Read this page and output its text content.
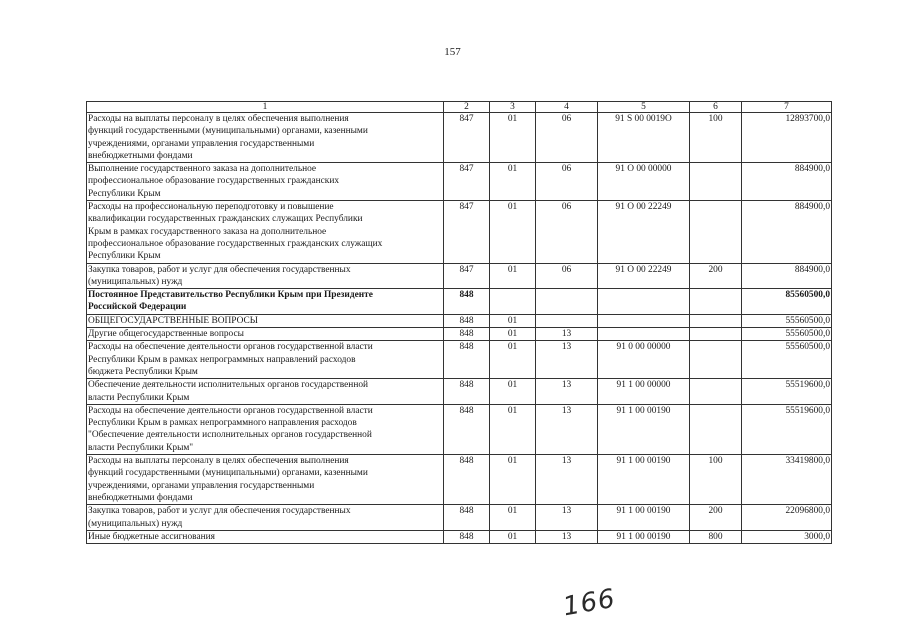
157
1	2	3	4	5	6	7

Расходы на выплаты персоналу в целях обеспечения выполнения
функций государственными (муниципальными) органами, казенными
учреждениями, органами управления государственными
внебюджетными фондами	847	01	06	91 S 00 0019O	100	12893700,0

Выполнение государственного заказа на дополнительное
профессиональное образование государственных гражданских
Республики Крым	847	01	06	91 О 00 00000		884900,0

Расходы на профессиональную переподготовку и повышение
квалификации государственных гражданских служащих Республики
Крым в рамках государственного заказа на дополнительное
профессиональное образование государственных гражданских служащих
Республики Крым	847	01	06	91 О 00 22249		884900,0

Закупка товаров, работ и услуг для обеспечения государственных
(муниципальных) нужд	847	01	06	91 О 00 22249	200	884900,0

Постоянное Представительство Республики Крым при Президенте
Российской Федерации	848					85560500,0

ОБЩЕГОСУДАРСТВЕННЫЕ ВОПРОСЫ	848	01				55560500,0

Другие общегосударственные вопросы	848	01	13			55560500,0

Расходы на обеспечение деятельности органов государственной власти
Республики Крым в рамках непрограммных направлений расходов
бюджета Республики Крым	848	01	13	91 0 00 00000		55560500,0

Обеспечение деятельности исполнительных органов государственной
власти Республики Крым	848	01	13	91 1 00 00000		55519600,0

Расходы на обеспечение деятельности органов государственной власти
Республики Крым в рамках непрограммного направления расходов
"Обеспечение деятельности исполнительных органов государственной
власти Республики Крым"	848	01	13	91 1 00 00190		55519600,0

Расходы на выплаты персоналу в целях обеспечения выполнения
функций государственными (муниципальными) органами, казенными
учреждениями, органами управления государственными
внебюджетными фондами	848	01	13	91 1 00 00190	100	33419800,0

Закупка товаров, работ и услуг для обеспечения государственных
(муниципальных) нужд	848	01	13	91 1 00 00190	200	22096800,0

Иные бюджетные ассигнования	848	01	13	91 1 00 00190	800	3000,0
166
